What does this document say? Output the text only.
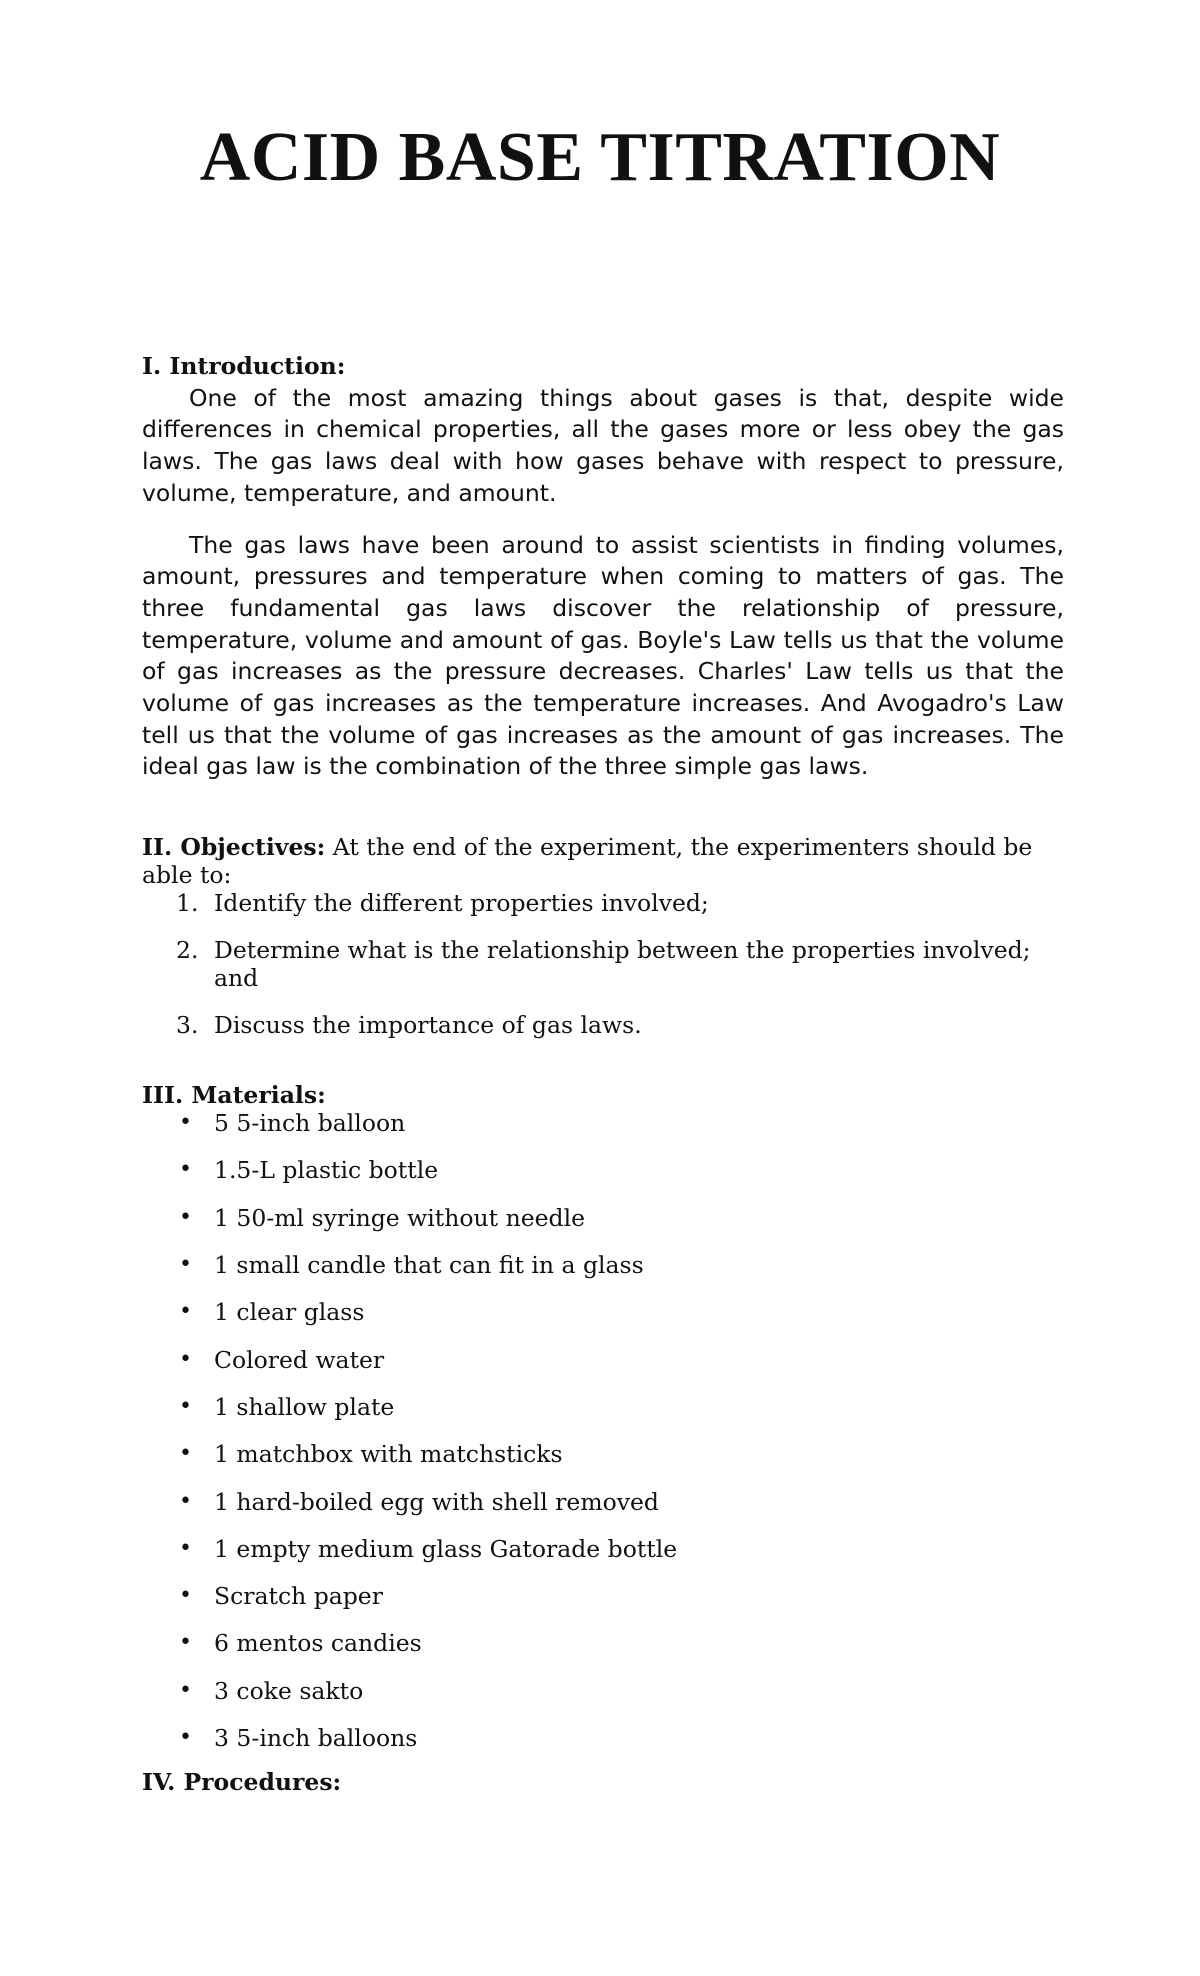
ACID BASE TITRATION
I. Introduction:

One of the most amazing things about gases is that, despite wide differences in chemical properties, all the gases more or less obey the gas laws. The gas laws deal with how gases behave with respect to pressure, volume, temperature, and amount.

The gas laws have been around to assist scientists in finding volumes, amount, pressures and temperature when coming to matters of gas. The three fundamental gas laws discover the relationship of pressure, temperature, volume and amount of gas. Boyle's Law tells us that the volume of gas increases as the pressure decreases. Charles' Law tells us that the volume of gas increases as the temperature increases. And Avogadro's Law tell us that the volume of gas increases as the amount of gas increases. The ideal gas law is the combination of the three simple gas laws.

II. Objectives: At the end of the experiment, the experimenters should be able to:
1. Identify the different properties involved;
2. Determine what is the relationship between the properties involved; and
3. Discuss the importance of gas laws.
III. Materials:
• 5 5-inch balloon
• 1.5-L plastic bottle
• 1 50-ml syringe without needle
• 1 small candle that can fit in a glass
• 1 clear glass
• Colored water
• 1 shallow plate
• 1 matchbox with matchsticks
• 1 hard-boiled egg with shell removed
• 1 empty medium glass Gatorade bottle
• Scratch paper
• 6 mentos candies
• 3 coke sakto
• 3 5-inch balloons
IV. Procedures:
